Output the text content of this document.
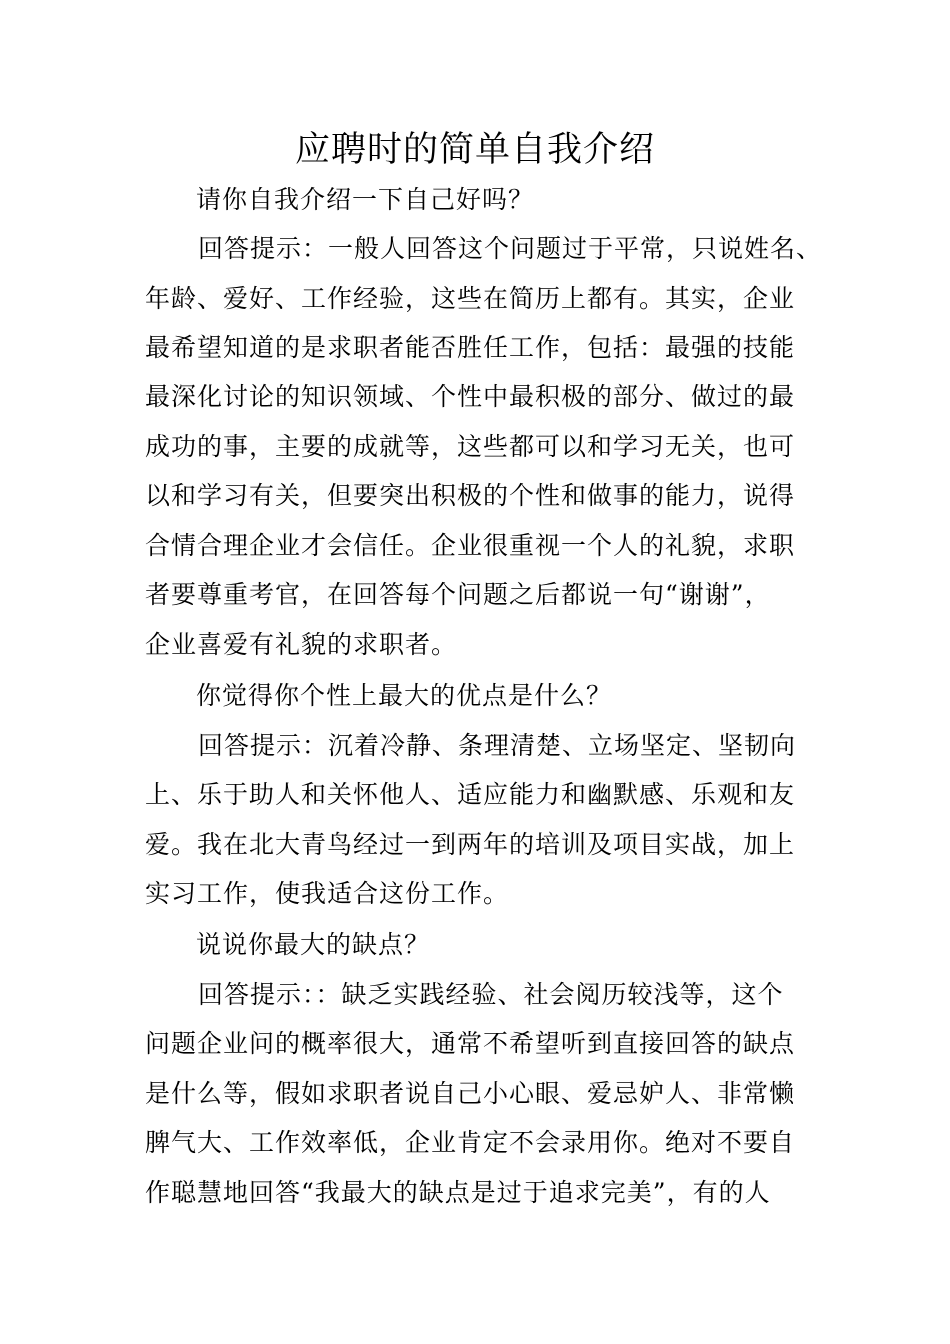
应聘时的简单自我介绍

请你自我介绍一下自己好吗？

回答提示：一般人回答这个问题过于平常，只说姓名、

年龄、爱好、工作经验，这些在简历上都有。其实，企业

最希望知道的是求职者能否胜任工作，包括：最强的技能

最深化讨论的知识领域、个性中最积极的部分、做过的最

成功的事，主要的成就等，这些都可以和学习无关，也可

以和学习有关，但要突出积极的个性和做事的能力，说得

合情合理企业才会信任。企业很重视一个人的礼貌，求职

者要尊重考官，在回答每个问题之后都说一句“谢谢”，

企业喜爱有礼貌的求职者。

你觉得你个性上最大的优点是什么？

回答提示：沉着冷静、条理清楚、立场坚定、坚韧向

上、乐于助人和关怀他人、适应能力和幽默感、乐观和友

爱。我在北大青鸟经过一到两年的培训及项目实战，加上

实习工作，使我适合这份工作。

说说你最大的缺点？

回答提示：：缺乏实践经验、社会阅历较浅等，这个

问题企业问的概率很大，通常不希望听到直接回答的缺点

是什么等，假如求职者说自己小心眼、爱忌妒人、非常懒

脾气大、工作效率低，企业肯定不会录用你。绝对不要自

作聪慧地回答“我最大的缺点是过于追求完美”，有的人
